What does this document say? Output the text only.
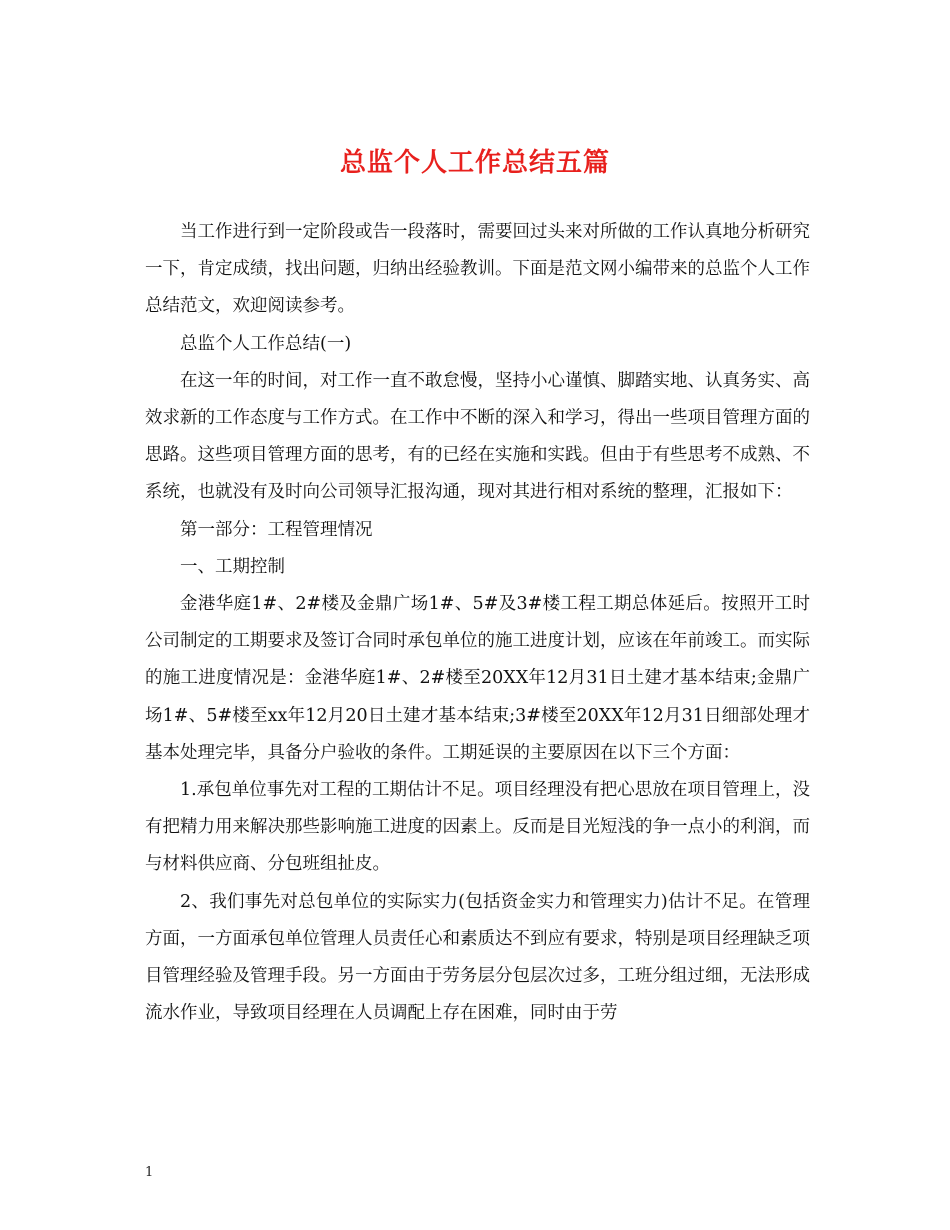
总监个人工作总结五篇

当工作进行到一定阶段或告一段落时，需要回过头来对所做的工作认真地分析研究一下，肯定成绩，找出问题，归纳出经验教训。下面是范文网小编带来的总监个人工作总结范文，欢迎阅读参考。

总监个人工作总结(一)

在这一年的时间，对工作一直不敢怠慢，坚持小心谨慎、脚踏实地、认真务实、高效求新的工作态度与工作方式。在工作中不断的深入和学习，得出一些项目管理方面的思路。这些项目管理方面的思考，有的已经在实施和实践。但由于有些思考不成熟、不系统，也就没有及时向公司领导汇报沟通，现对其进行相对系统的整理，汇报如下：

第一部分：工程管理情况

一、工期控制

金港华庭1#、2#楼及金鼎广场1#、5#及3#楼工程工期总体延后。按照开工时公司制定的工期要求及签订合同时承包单位的施工进度计划，应该在年前竣工。而实际的施工进度情况是：金港华庭1#、2#楼至20XX年12月31日土建才基本结束;金鼎广场1#、5#楼至xx年12月20日土建才基本结束;3#楼至20XX年12月31日细部处理才基本处理完毕，具备分户验收的条件。工期延误的主要原因在以下三个方面：

1.承包单位事先对工程的工期估计不足。项目经理没有把心思放在项目管理上，没有把精力用来解决那些影响施工进度的因素上。反而是目光短浅的争一点小的利润，而与材料供应商、分包班组扯皮。

2、我们事先对总包单位的实际实力(包括资金实力和管理实力)估计不足。在管理方面，一方面承包单位管理人员责任心和素质达不到应有要求，特别是项目经理缺乏项目管理经验及管理手段。另一方面由于劳务层分包层次过多，工班分组过细，无法形成流水作业，导致项目经理在人员调配上存在困难，同时由于劳

1
